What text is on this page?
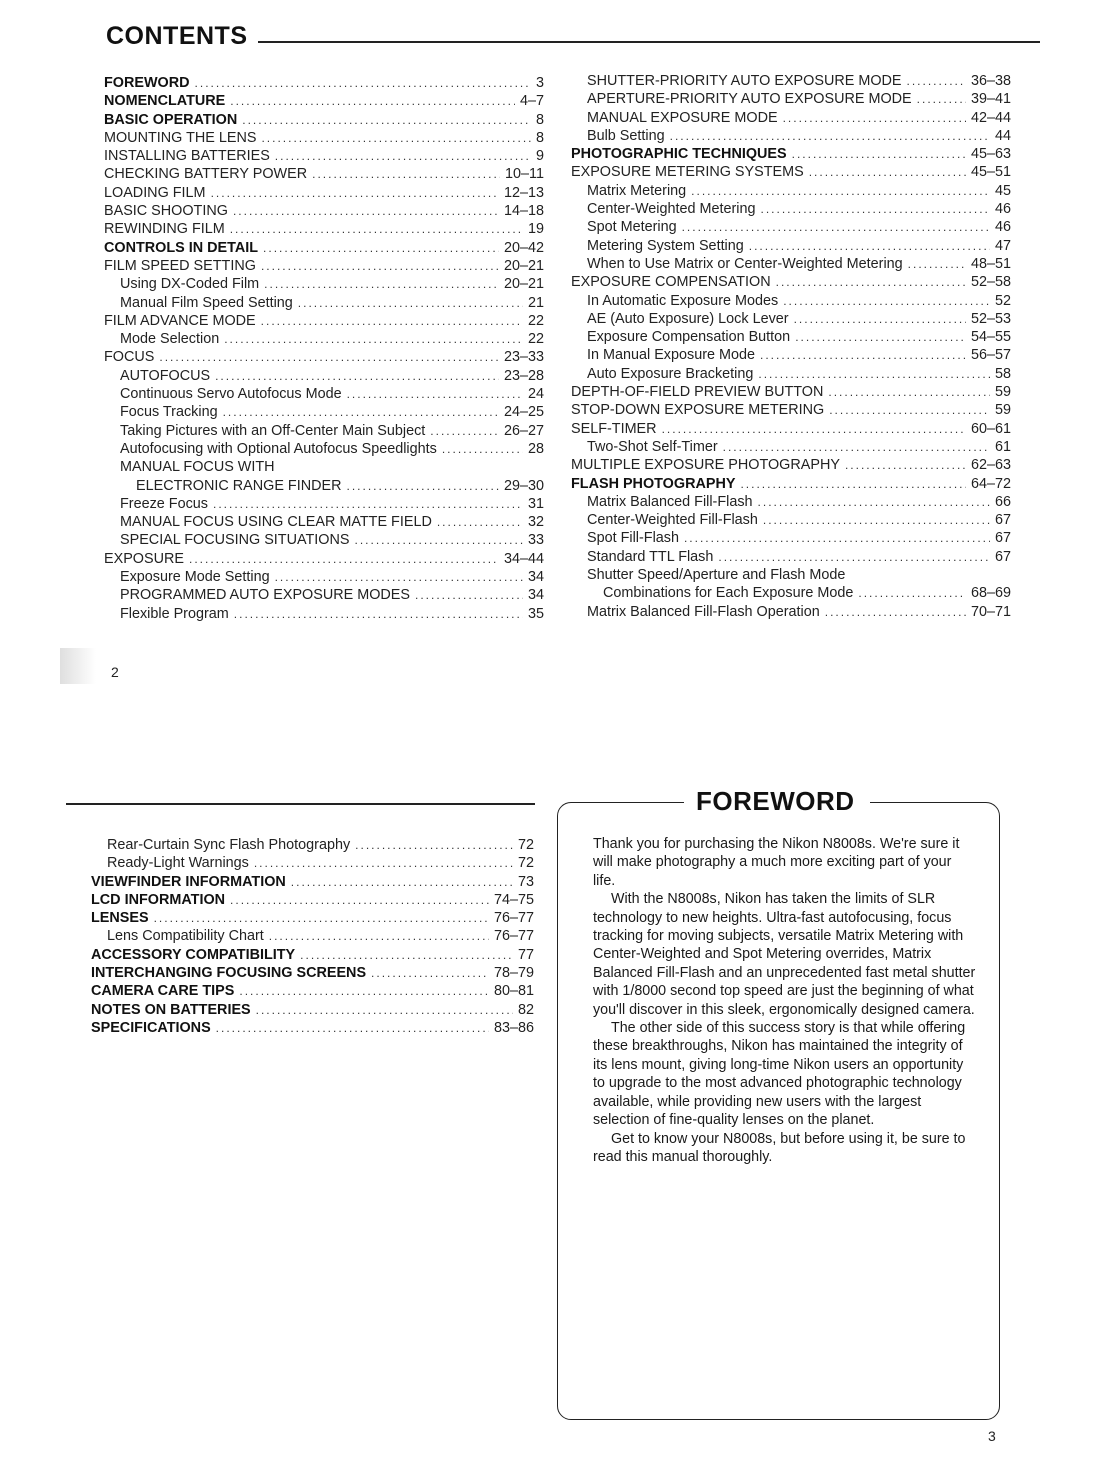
CONTENTS
FOREWORD .....	3
NOMENCLATURE .....	4–7
BASIC OPERATION .....	8
MOUNTING THE LENS .....	8
INSTALLING BATTERIES .....	9
CHECKING BATTERY POWER .....	10–11
LOADING FILM .....	12–13
BASIC SHOOTING .....	14–18
REWINDING FILM .....	19
CONTROLS IN DETAIL .....	20–42
FILM SPEED SETTING .....	20–21
Using DX-Coded Film .....	20–21
Manual Film Speed Setting .....	21
FILM ADVANCE MODE .....	22
Mode Selection .....	22
FOCUS .....	23–33
AUTOFOCUS .....	23–28
Continuous Servo Autofocus Mode .....	24
Focus Tracking .....	24–25
Taking Pictures with an Off-Center Main Subject .....	26–27
Autofocusing with Optional Autofocus Speedlights .....	28
MANUAL FOCUS WITH
ELECTRONIC RANGE FINDER .....	29–30
Freeze Focus .....	31
MANUAL FOCUS USING CLEAR MATTE FIELD .....	32
SPECIAL FOCUSING SITUATIONS .....	33
EXPOSURE .....	34–44
Exposure Mode Setting .....	34
PROGRAMMED AUTO EXPOSURE MODES .....	34
Flexible Program .....	35
SHUTTER-PRIORITY AUTO EXPOSURE MODE .....	36–38
APERTURE-PRIORITY AUTO EXPOSURE MODE .....	39–41
MANUAL EXPOSURE MODE .....	42–44
Bulb Setting .....	44
PHOTOGRAPHIC TECHNIQUES .....	45–63
EXPOSURE METERING SYSTEMS .....	45–51
Matrix Metering .....	45
Center-Weighted Metering .....	46
Spot Metering .....	46
Metering System Setting .....	47
When to Use Matrix or Center-Weighted Metering .....	48–51
EXPOSURE COMPENSATION .....	52–58
In Automatic Exposure Modes .....	52
AE (Auto Exposure) Lock Lever .....	52–53
Exposure Compensation Button .....	54–55
In Manual Exposure Mode .....	56–57
Auto Exposure Bracketing .....	58
DEPTH-OF-FIELD PREVIEW BUTTON .....	59
STOP-DOWN EXPOSURE METERING .....	59
SELF-TIMER .....	60–61
Two-Shot Self-Timer .....	61
MULTIPLE EXPOSURE PHOTOGRAPHY .....	62–63
FLASH PHOTOGRAPHY .....	64–72
Matrix Balanced Fill-Flash .....	66
Center-Weighted Fill-Flash .....	67
Spot Fill-Flash .....	67
Standard TTL Flash .....	67
Shutter Speed/Aperture and Flash Mode
Combinations for Each Exposure Mode .....	68–69
Matrix Balanced Fill-Flash Operation .....	70–71
2
Rear-Curtain Sync Flash Photography .....	72
Ready-Light Warnings .....	72
VIEWFINDER INFORMATION .....	73
LCD INFORMATION .....	74–75
LENSES .....	76–77
Lens Compatibility Chart .....	76–77
ACCESSORY COMPATIBILITY .....	77
INTERCHANGING FOCUSING SCREENS .....	78–79
CAMERA CARE TIPS .....	80–81
NOTES ON BATTERIES .....	82
SPECIFICATIONS .....	83–86
FOREWORD

Thank you for purchasing the Nikon N8008s. We're sure it will make photography a much more exciting part of your life.

With the N8008s, Nikon has taken the limits of SLR technology to new heights. Ultra-fast autofocusing, focus tracking for moving subjects, versatile Matrix Metering with Center-Weighted and Spot Metering overrides, Matrix Balanced Fill-Flash and an unprecedented fast metal shutter with 1/8000 second top speed are just the beginning of what you'll discover in this sleek, ergonomically designed camera.

The other side of this success story is that while offering these breakthroughs, Nikon has maintained the integrity of its lens mount, giving long-time Nikon users an opportunity to upgrade to the most advanced photographic technology available, while providing new users with the largest selection of fine-quality lenses on the planet.

Get to know your N8008s, but before using it, be sure to read this manual thoroughly.

3
